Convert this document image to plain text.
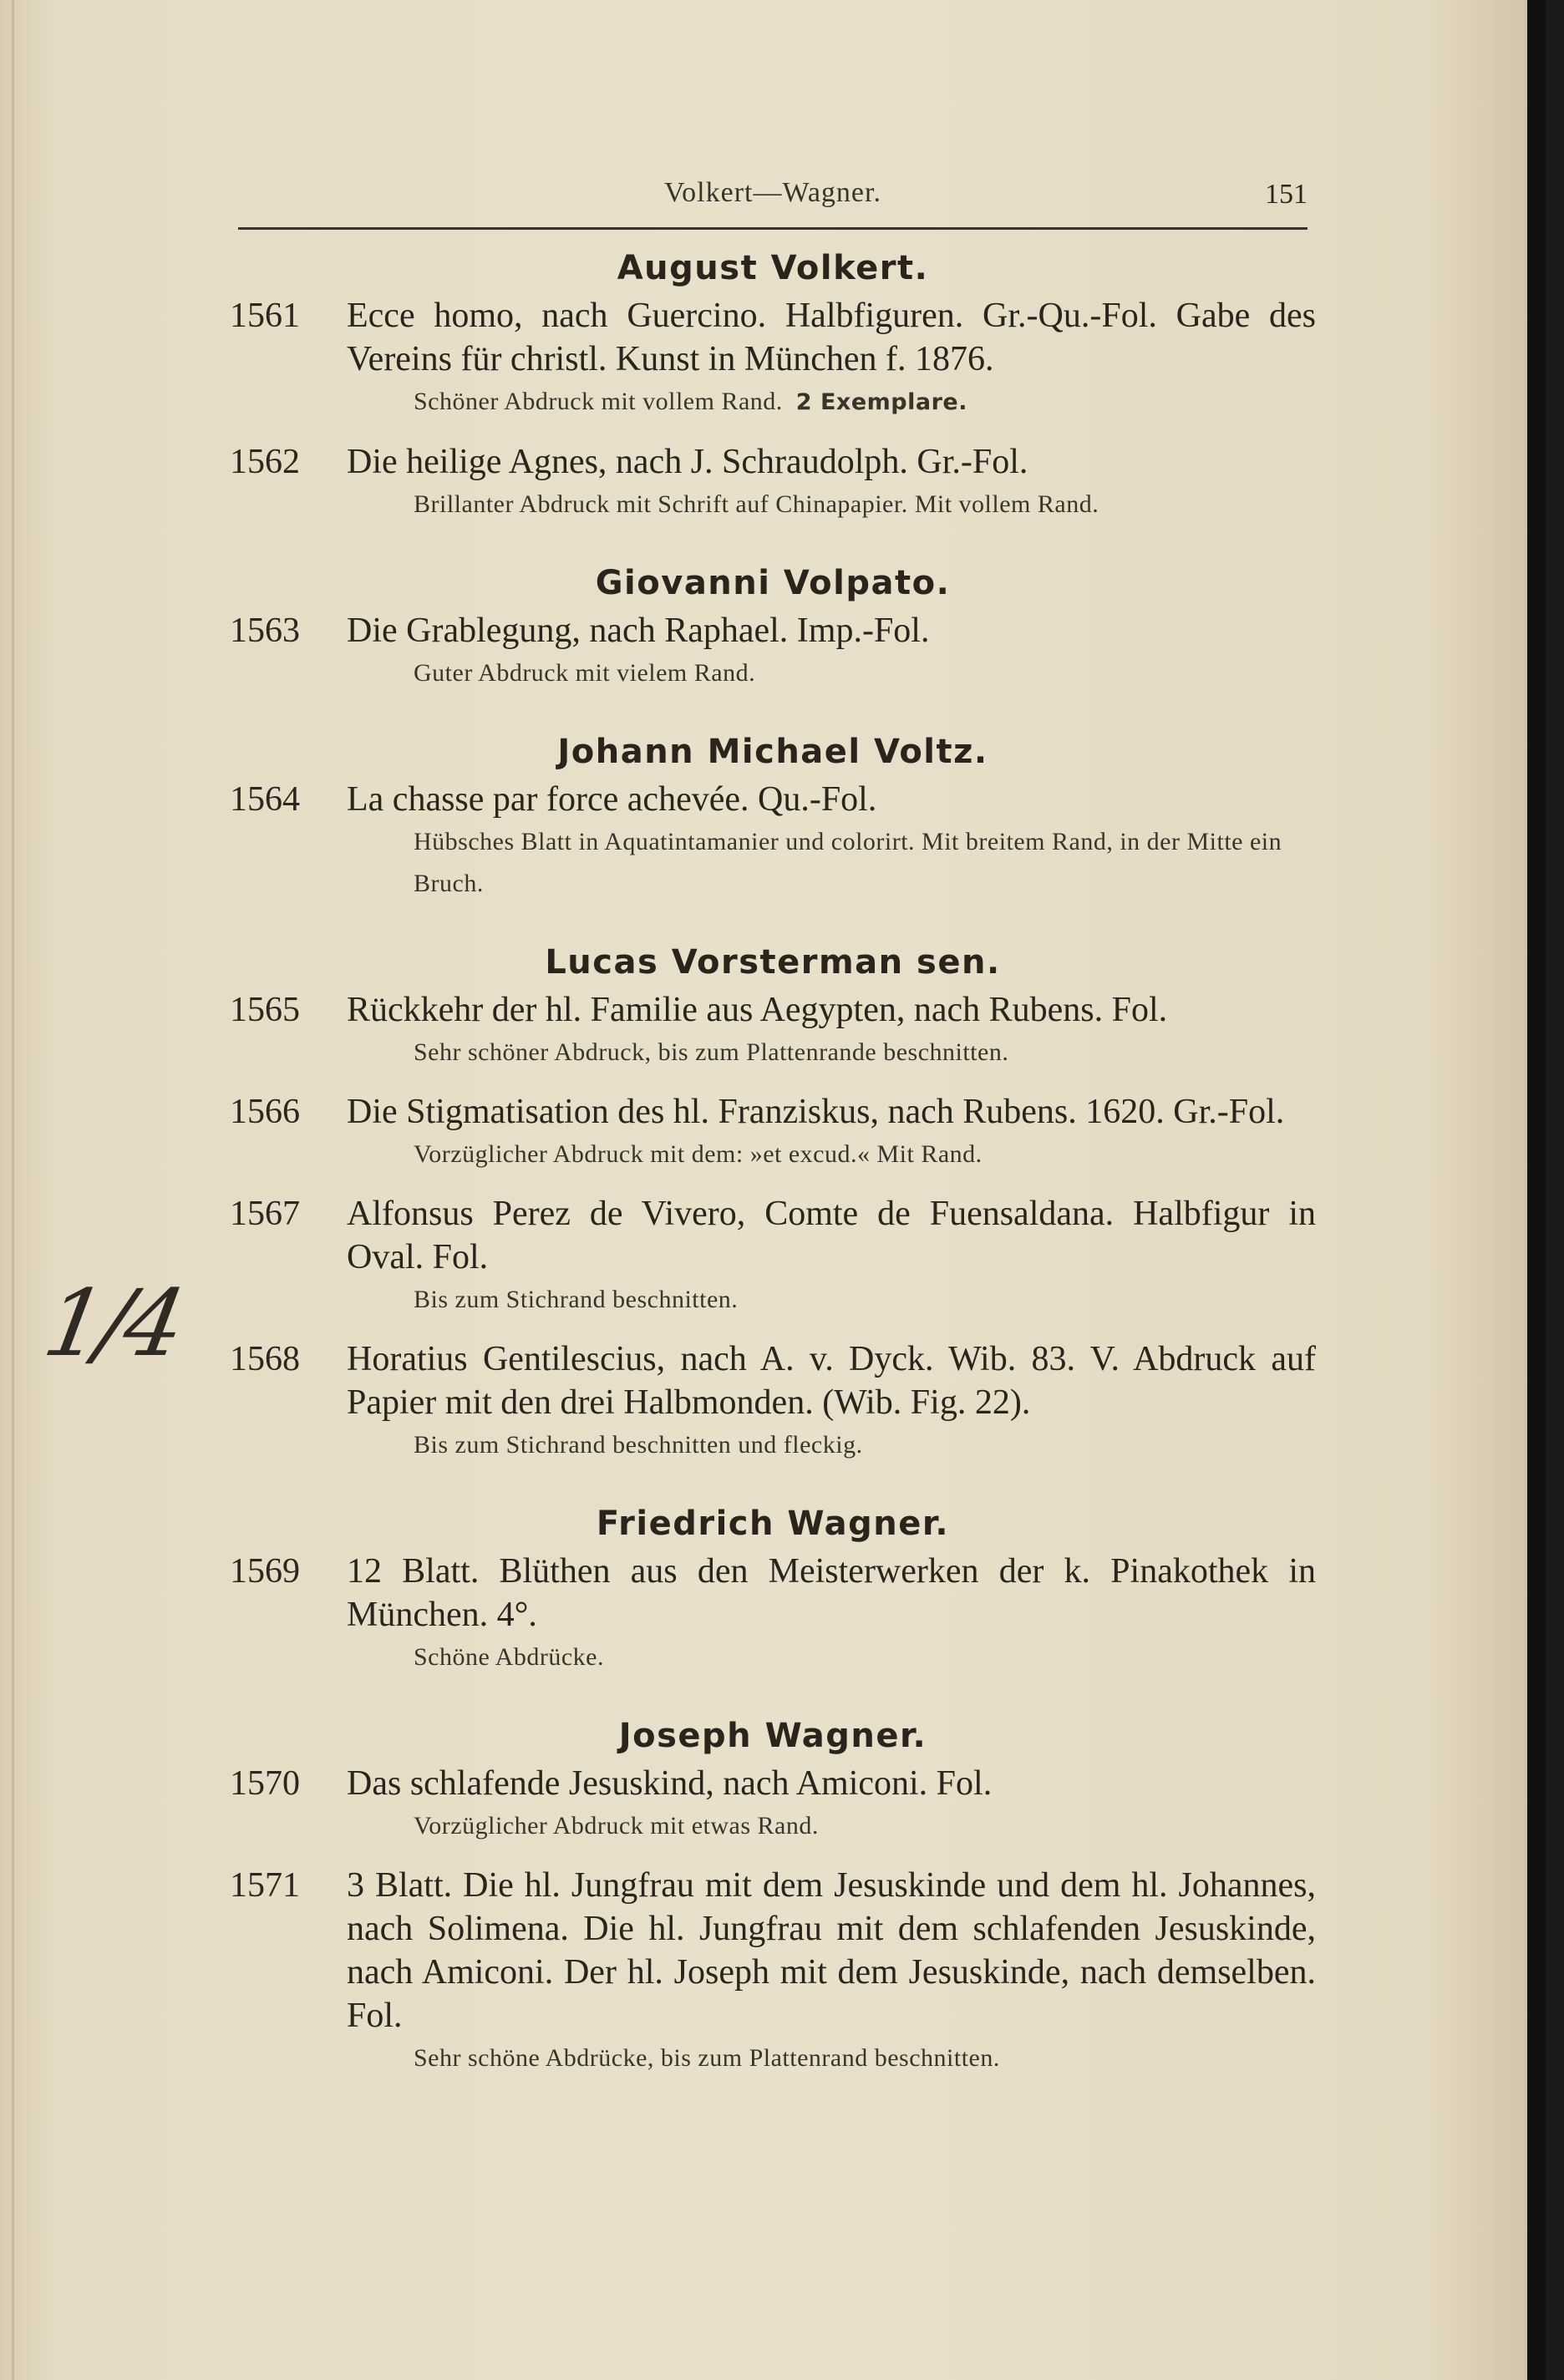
Volkert—Wagner.	151
1/4
August Volkert.
1561	Ecce homo, nach Guercino. Halbfiguren. Gr.-Qu.-Fol. Gabe des Vereins für christl. Kunst in München f. 1876.
Schöner Abdruck mit vollem Rand. 2 Exemplare.
1562	Die heilige Agnes, nach J. Schraudolph. Gr.-Fol.
Brillanter Abdruck mit Schrift auf Chinapapier. Mit vollem Rand.
Giovanni Volpato.
1563	Die Grablegung, nach Raphael. Imp.-Fol.
Guter Abdruck mit vielem Rand.
Johann Michael Voltz.
1564	La chasse par force achevée. Qu.-Fol.
Hübsches Blatt in Aquatintamanier und colorirt. Mit breitem Rand, in der Mitte ein Bruch.
Lucas Vorsterman sen.
1565	Rückkehr der hl. Familie aus Aegypten, nach Rubens. Fol.
Sehr schöner Abdruck, bis zum Plattenrande beschnitten.
1566	Die Stigmatisation des hl. Franziskus, nach Rubens. 1620. Gr.-Fol.
Vorzüglicher Abdruck mit dem: »et excud.« Mit Rand.
1567	Alfonsus Perez de Vivero, Comte de Fuensaldana. Halbfigur in Oval. Fol.
Bis zum Stichrand beschnitten.
1568	Horatius Gentilescius, nach A. v. Dyck. Wib. 83. V. Abdruck auf Papier mit den drei Halbmonden. (Wib. Fig. 22).
Bis zum Stichrand beschnitten und fleckig.
Friedrich Wagner.
1569	12 Blatt. Blüthen aus den Meisterwerken der k. Pinakothek in München. 4°.
Schöne Abdrücke.
Joseph Wagner.
1570	Das schlafende Jesuskind, nach Amiconi. Fol.
Vorzüglicher Abdruck mit etwas Rand.
1571	3 Blatt. Die hl. Jungfrau mit dem Jesuskinde und dem hl. Johannes, nach Solimena. Die hl. Jungfrau mit dem schlafenden Jesuskinde, nach Amiconi. Der hl. Joseph mit dem Jesuskinde, nach demselben. Fol.
Sehr schöne Abdrücke, bis zum Plattenrand beschnitten.
